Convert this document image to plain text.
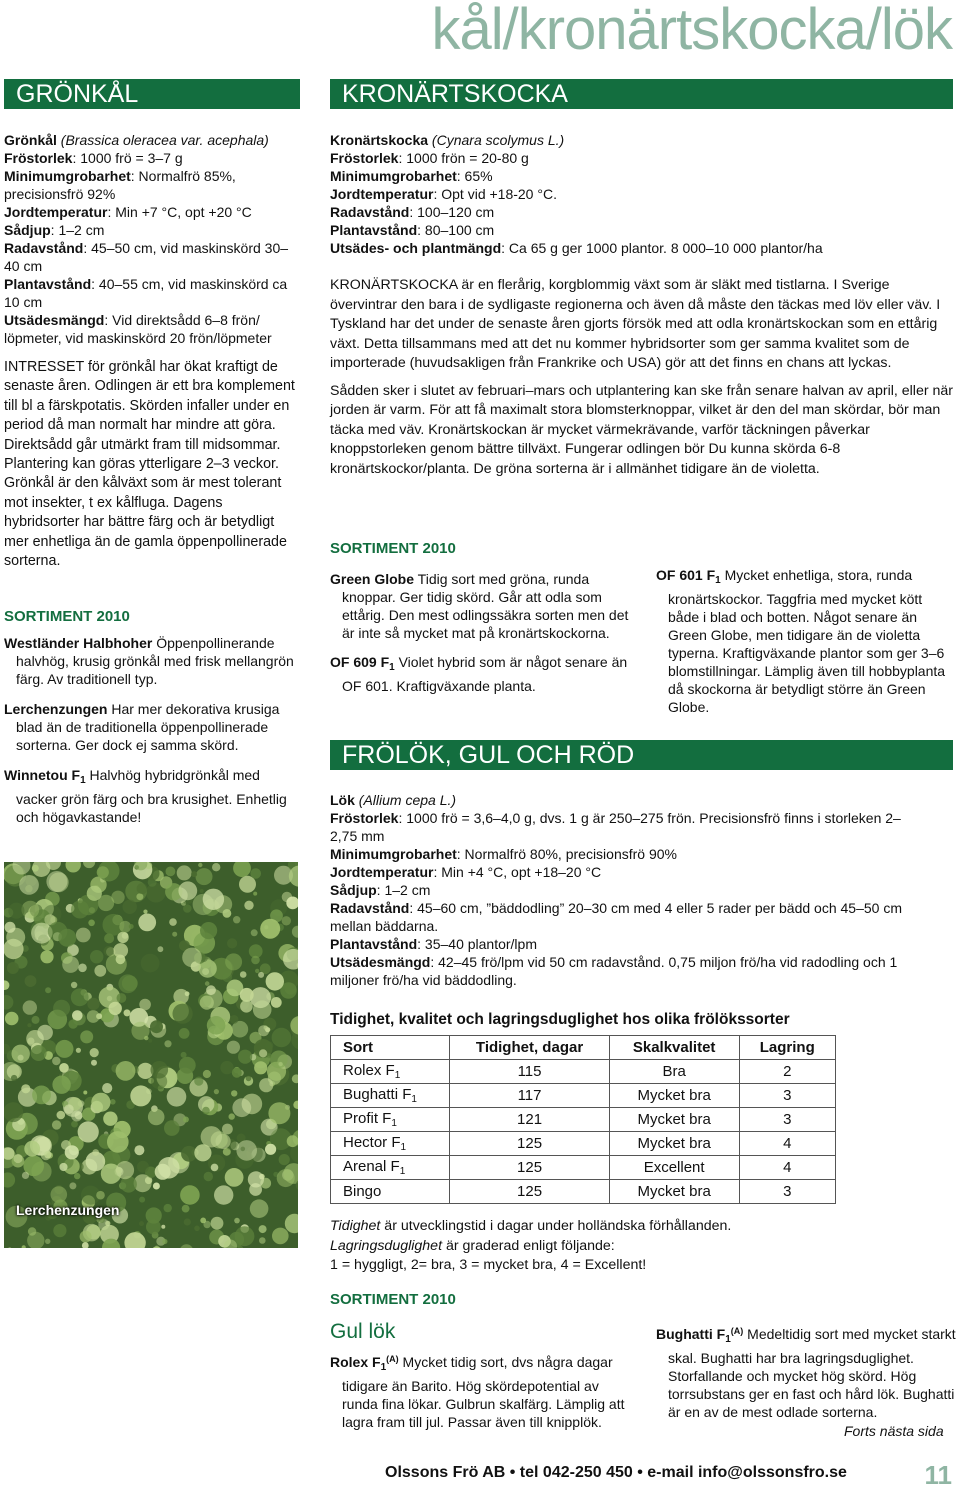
kål/kronärtskocka/lök
GRÖNKÅL

Grönkål (Brassica oleracea var. acephala)

Fröstorlek: 1000 frö = 3–7 g

Minimumgrobarhet: Normalfrö 85%, precisionsfrö 92%

Jordtemperatur: Min +7 °C, opt +20 °C

Sådjup: 1–2 cm

Radavstånd: 45–50 cm, vid maskinskörd 30–40 cm

Plantavstånd: 40–55 cm, vid maskinskörd ca 10 cm

Utsädesmängd: Vid direktsådd 6–8 frön/ löpmeter, vid maskinskörd 20 frön/löpmeter

INTRESSET för grönkål har ökat kraftigt de senaste åren. Odlingen är ett bra komplement till bl a färskpotatis. Skörden infaller under en period då man normalt har mindre att göra. Direktsådd går utmärkt fram till midsommar. Plantering kan göras ytterligare 2–3 veckor. Grönkål är den kålväxt som är mest tolerant mot insekter, t ex kålfluga. Dagens hybridsorter har bättre färg och är betydligt mer enhetliga än de gamla öppenpollinerade sorterna.

SORTIMENT 2010

Westländer Halbhoher Öppenpollinerande halvhög, krusig grönkål med frisk mellangrön färg. Av traditionell typ.

Lerchenzungen Har mer dekorativa krusiga blad än de traditionella öppenpollinerade sorterna. Ger dock ej samma skörd.

Winnetou $F_1$ Halvhög hybridgrönkål med vacker grön färg och bra krusighet. Enhetlig och högavkastande!

Lerchenzungen
KRONÄRTSKOCKA

Kronärtskocka (Cynara scolymus L.)

Fröstorlek: 1000 frön = 20-80 g

Minimumgrobarhet: 65%

Jordtemperatur: Opt vid +18-20 °C.

Radavstånd: 100–120 cm

Plantavstånd: 80–100 cm

Utsädes- och plantmängd: Ca 65 g ger 1000 plantor. 8 000–10 000 plantor/ha

KRONÄRTSKOCKA är en flerårig, korgblommig växt som är släkt med tistlarna. I Sverige övervintrar den bara i de sydligaste regionerna och även då måste den täckas med löv eller väv. I Tyskland har det under de senaste åren gjorts försök med att odla kronärtskockan som en ettårig växt. Detta tillsammans med att det nu kommer hybridsorter som ger samma kvalitet som de importerade (huvudsakligen från Frankrike och USA) gör att det finns en chans att lyckas.

Sådden sker i slutet av februari–mars och utplantering kan ske från senare halvan av april, eller när jorden är varm. För att få maximalt stora blomsterknoppar, vilket är den del man skördar, bör man täcka med väv. Kronärtskockan är mycket värmekrävande, varför täckningen påverkar knoppstorleken genom bättre tillväxt. Fungerar odlingen bör Du kunna skörda 6-8 kronärtskockor/planta. De gröna sorterna är i allmänhet tidigare än de violetta.

SORTIMENT 2010

Green Globe Tidig sort med gröna, runda knoppar. Ger tidig skörd. Går att odla som ettårig. Den mest odlingssäkra sorten men det är inte så mycket mat på kronärtskockorna.

OF 609 $F_1$ Violet hybrid som är något senare än OF 601. Kraftigväxande planta.

OF 601 $F_1$ Mycket enhetliga, stora, runda kronärtskockor. Taggfria med mycket kött både i blad och botten. Något senare än Green Globe, men tidigare än de violetta typerna. Kraftigväxande plantor som ger 3–6 blomstillningar. Lämplig även till hobbyplanta då skockorna är betydligt större än Green Globe.

FRÖLÖK, GUL OCH RÖD

Lök (Allium cepa L.)

Fröstorlek: 1000 frö = 3,6–4,0 g, dvs. 1 g är 250–275 frön. Precisionsfrö finns i storleken 2–2,75 mm

Minimumgrobarhet: Normalfrö 80%, precisionsfrö 90%

Jordtemperatur: Min +4 °C, opt +18–20 °C

Sådjup: 1–2 cm

Radavstånd: 45–60 cm, ”bäddodling” 20–30 cm med 4 eller 5 rader per bädd och 45–50 cm mellan bäddarna.

Plantavstånd: 35–40 plantor/lpm

Utsädesmängd: 42–45 frö/lpm vid 50 cm radavstånd. 0,75 miljon frö/ha vid radodling och 1 miljoner frö/ha vid bäddodling.

Tidighet, kvalitet och lagringsduglighet hos olika frölökssorter
Sort	Tidighet, dagar	Skalkvalitet	Lagring
Rolex $F_1$	115	Bra	2
Bughatti $F_1$	117	Mycket bra	3
Profit $F_1$	121	Mycket bra	3
Hector $F_1$	125	Mycket bra	4
Arenal $F_1$	125	Excellent	4
Bingo	125	Mycket bra	3

Tidighet är utvecklingstid i dagar under holländska förhållanden.

Lagringsduglighet är graderad enligt följande:

1 = hyggligt, 2= bra, 3 = mycket bra, 4 = Excellent!

SORTIMENT 2010

Gul lök

Rolex $F_1^{(A)}$ Mycket tidig sort, dvs några dagar tidigare än Barito. Hög skördepotential av runda fina lökar. Gulbrun skalfärg. Lämplig att lagra fram till jul. Passar även till knipplök.

Bughatti $F_1^{(A)}$ Medeltidig sort med mycket starkt skal. Bughatti har bra lagringsduglighet. Storfallande och mycket hög skörd. Hög torrsubstans ger en fast och hård lök. Bughatti är en av de mest odlade sorterna.

Forts nästa sida
Olssons Frö AB • tel 042-250 450 • e-mail info@olssonsfro.se	11
